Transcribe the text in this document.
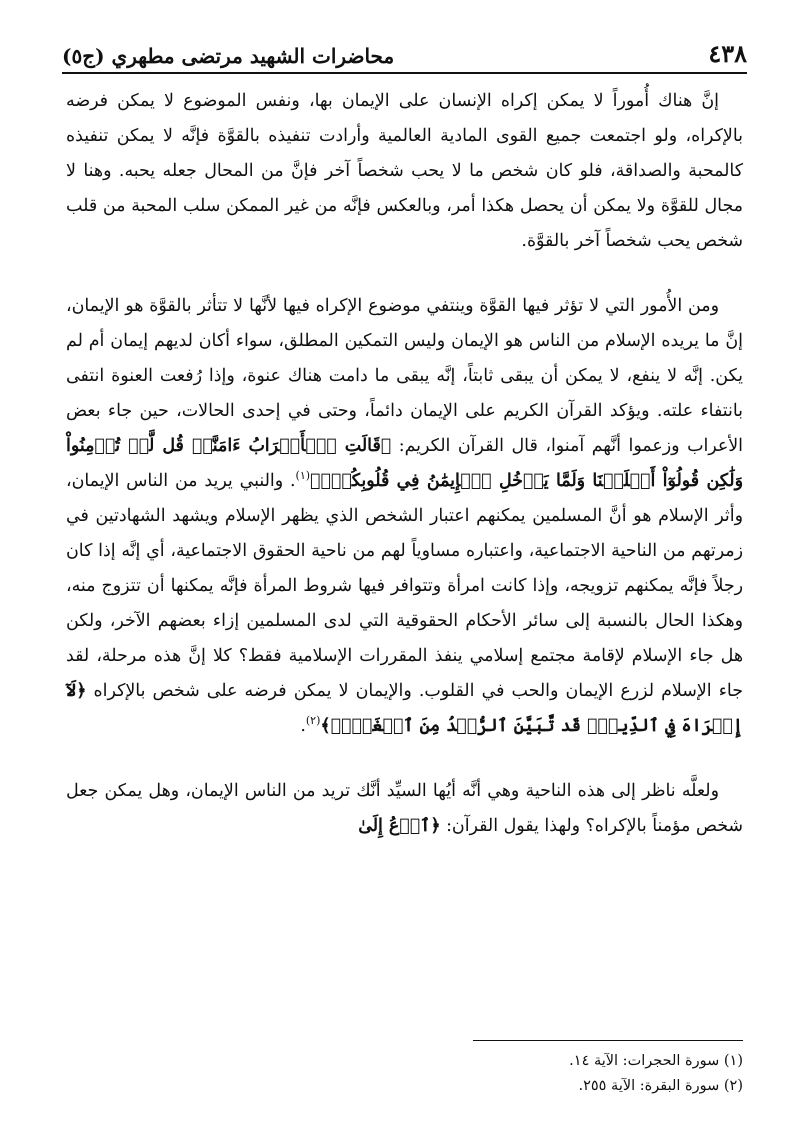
٤٣٨
محاضرات الشهيد مرتضى مطهري (ج٥)

إنَّ هناك أُموراً لا يمكن إكراه الإنسان على الإيمان بها، ونفس الموضوع لا يمكن فرضه بالإكراه، ولو اجتمعت جميع القوى المادية العالمية وأرادت تنفيذه بالقوَّة فإنَّه لا يمكن تنفيذه كالمحبة والصداقة، فلو كان شخص ما لا يحب شخصاً آخر فإنَّ من المحال جعله يحبه. وهنا لا مجال للقوَّة ولا يمكن أن يحصل هكذا أمر، وبالعكس فإنَّه من غير الممكن سلب المحبة من قلب شخص يحب شخصاً آخر بالقوَّة.

ومن الأُمور التي لا تؤثر فيها القوَّة وينتفي موضوع الإكراه فيها لأنَّها لا تتأثر بالقوَّة هو الإيمان، إنَّ ما يريده الإسلام من الناس هو الإيمان وليس التمكين المطلق، سواء أكان لديهم إيمان أم لم يكن. إنَّه لا ينفع، لا يمكن أن يبقى ثابتاً، إنَّه يبقى ما دامت هناك عنوة، وإذا رُفعت العنوة انتفى بانتفاء علته. ويؤكد القرآن الكريم على الإيمان دائماً، وحتى في إحدى الحالات، حين جاء بعض الأعراب وزعموا أنَّهم آمنوا، قال القرآن الكريم: ﴿قَالَتِ ٱلۡأَعۡرَابُ ءَامَنَّاۖ قُل لَّمۡ تُؤۡمِنُواْ وَلَٰكِن قُولُوٓاْ أَسۡلَمۡنَا وَلَمَّا يَدۡخُلِ ٱلۡإِيمَٰنُ فِي قُلُوبِكُمۡۖ﴾$^{(١)}$. والنبي يريد من الناس الإيمان، وأثر الإسلام هو أنَّ المسلمين يمكنهم اعتبار الشخص الذي يظهر الإسلام ويشهد الشهادتين في زمرتهم من الناحية الاجتماعية، واعتباره مساوياً لهم من ناحية الحقوق الاجتماعية، أي إنَّه إذا كان رجلاً فإنَّه يمكنهم تزويجه، وإذا كانت امرأة وتتوافر فيها شروط المرأة فإنَّه يمكنها أن تتزوج منه، وهكذا الحال بالنسبة إلى سائر الأحكام الحقوقية التي لدى المسلمين إزاء بعضهم الآخر، ولكن هل جاء الإسلام لإقامة مجتمع إسلامي ينفذ المقررات الإسلامية فقط؟ كلا إنَّ هذه مرحلة، لقد جاء الإسلام لزرع الإيمان والحب في القلوب. والإيمان لا يمكن فرضه على شخص بالإكراه ﴿لَآ إِكۡرَاهَ فِي ٱلدِّينِۖ قَد تَّبَيَّنَ ٱلرُّشۡدُ مِنَ ٱلۡغَيِّۚ﴾$^{(٢)}$.

ولعلَّه ناظر إلى هذه الناحية وهي أنَّه أيُها السيِّد أنَّك تريد من الناس الإيمان، وهل يمكن جعل شخص مؤمناً بالإكراه؟ ولهذا يقول القرآن: ﴿ٱدۡعُ إِلَىٰ

(١) سورة الحجرات: الآية ١٤.
(٢) سورة البقرة: الآية ٢٥٥.
